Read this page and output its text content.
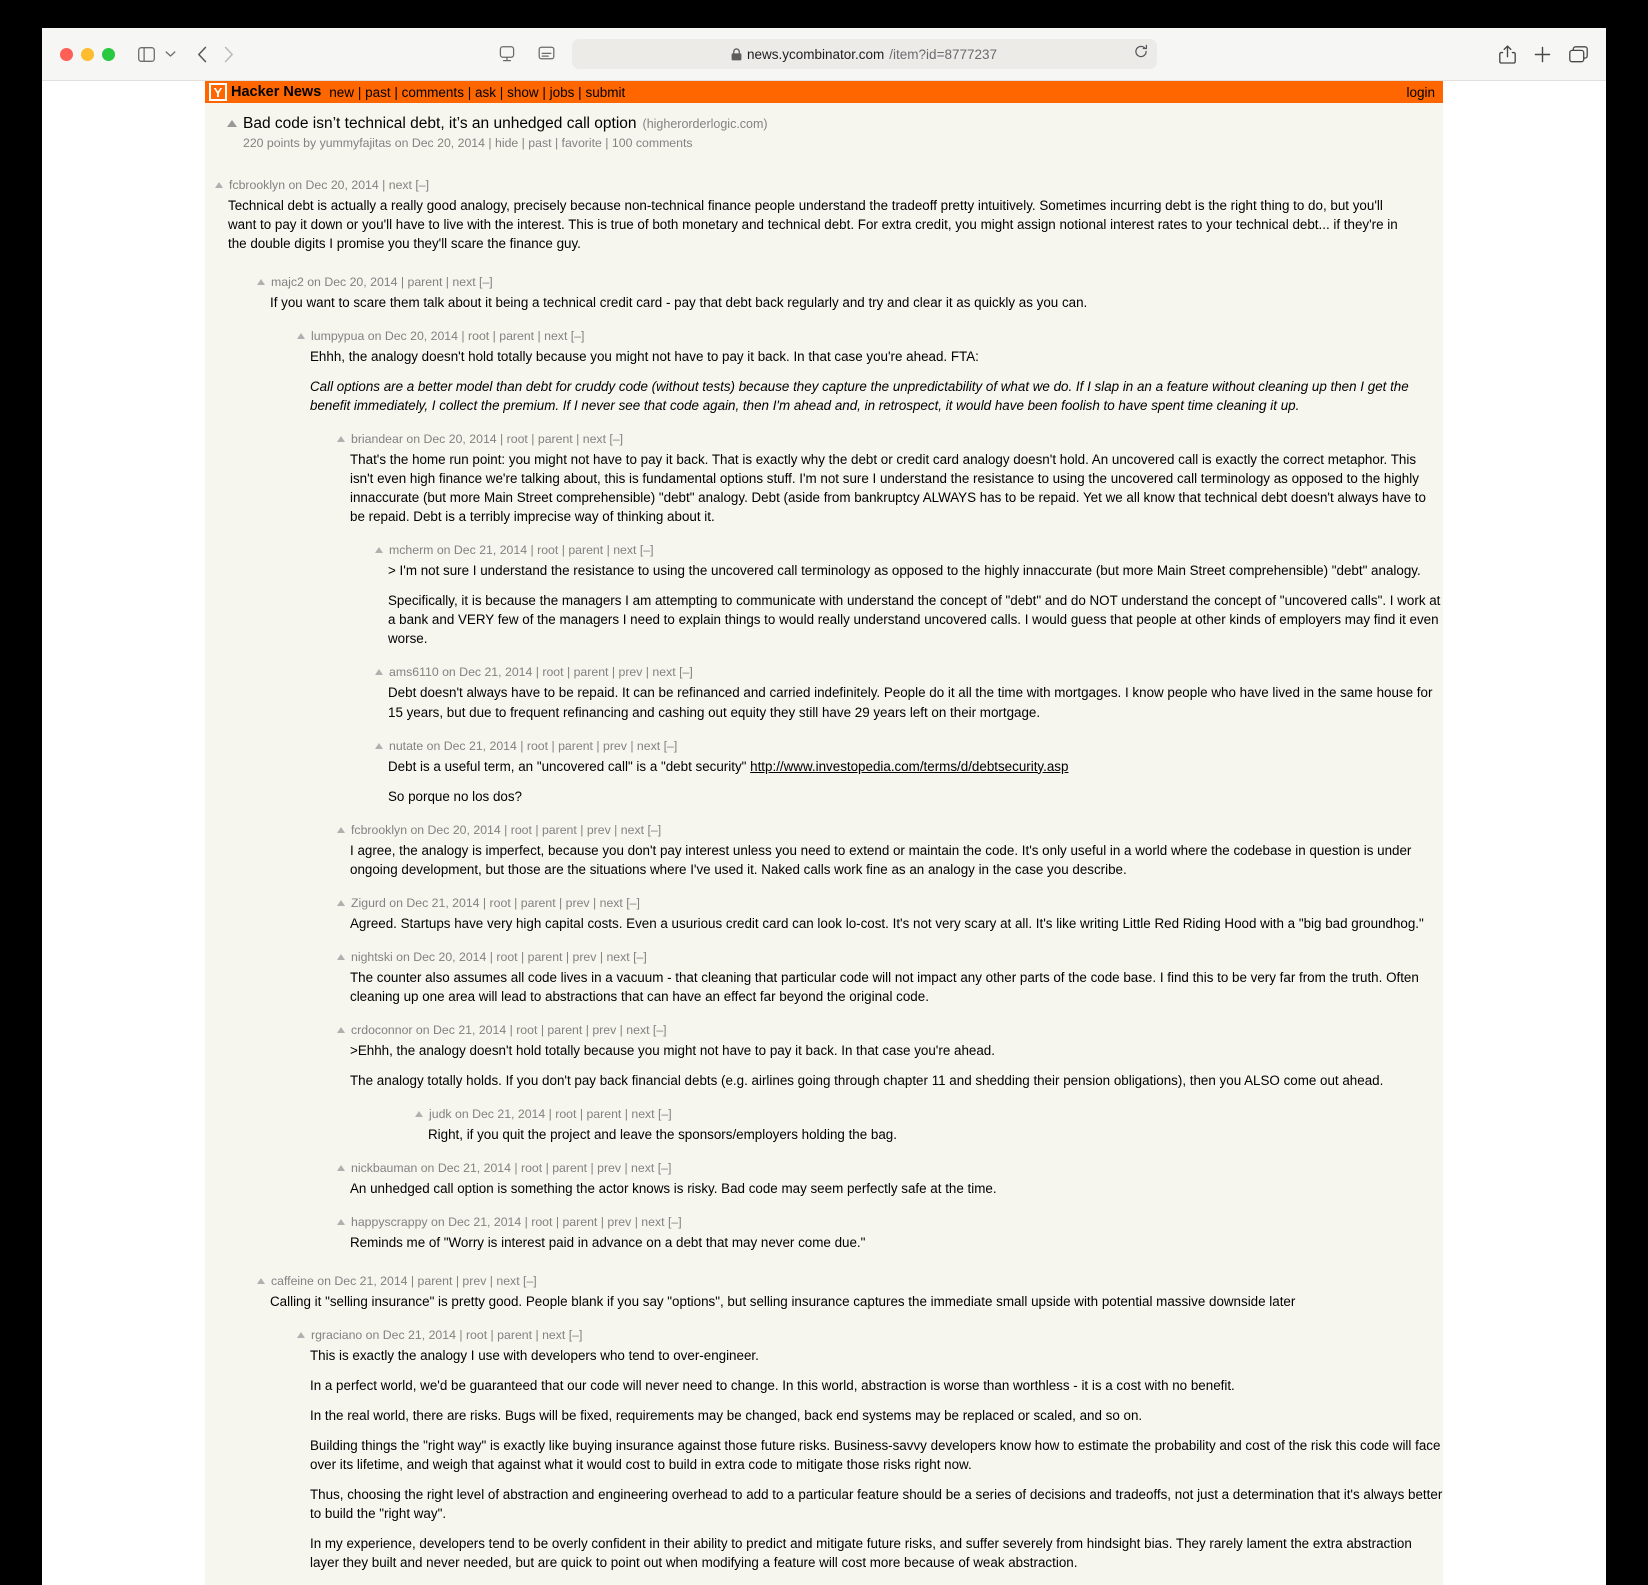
news.ycombinator.com /item?id=8777237
Y Hacker News new | past | comments | ask | show | jobs | submit	login
Bad code isn’t technical debt, it’s an unhedged call option (higherorderlogic.com)
220 points by yummyfajitas on Dec 20, 2014 | hide | past | favorite | 100 comments
fcbrooklyn on Dec 20, 2014 | next [–]

Technical debt is actually a really good analogy, precisely because non-technical finance people understand the tradeoff pretty intuitively. Sometimes incurring debt is the right thing to do, but you'll want to pay it down or you'll have to live with the interest. This is true of both monetary and technical debt. For extra credit, you might assign notional interest rates to your technical debt... if they're in the double digits I promise you they'll scare the finance guy.

majc2 on Dec 20, 2014 | parent | next [–]

If you want to scare them talk about it being a technical credit card - pay that debt back regularly and try and clear it as quickly as you can.

lumpypua on Dec 20, 2014 | root | parent | next [–]

Ehhh, the analogy doesn't hold totally because you might not have to pay it back. In that case you're ahead. FTA:

Call options are a better model than debt for cruddy code (without tests) because they capture the unpredictability of what we do. If I slap in an a feature without cleaning up then I get the benefit immediately, I collect the premium. If I never see that code again, then I'm ahead and, in retrospect, it would have been foolish to have spent time cleaning it up.

briandear on Dec 20, 2014 | root | parent | next [–]

That's the home run point: you might not have to pay it back. That is exactly why the debt or credit card analogy doesn't hold. An uncovered call is exactly the correct metaphor. This isn't even high finance we're talking about, this is fundamental options stuff. I'm not sure I understand the resistance to using the uncovered call terminology as opposed to the highly innaccurate (but more Main Street comprehensible) "debt" analogy. Debt (aside from bankruptcy ALWAYS has to be repaid. Yet we all know that technical debt doesn't always have to be repaid. Debt is a terribly imprecise way of thinking about it.

mcherm on Dec 21, 2014 | root | parent | next [–]

> I'm not sure I understand the resistance to using the uncovered call terminology as opposed to the highly innaccurate (but more Main Street comprehensible) "debt" analogy.

Specifically, it is because the managers I am attempting to communicate with understand the concept of "debt" and do NOT understand the concept of "uncovered calls". I work at a bank and VERY few of the managers I need to explain things to would really understand uncovered calls. I would guess that people at other kinds of employers may find it even worse.

ams6110 on Dec 21, 2014 | root | parent | prev | next [–]

Debt doesn't always have to be repaid. It can be refinanced and carried indefinitely. People do it all the time with mortgages. I know people who have lived in the same house for 15 years, but due to frequent refinancing and cashing out equity they still have 29 years left on their mortgage.

nutate on Dec 21, 2014 | root | parent | prev | next [–]

Debt is a useful term, an "uncovered call" is a "debt security" http://www.investopedia.com/terms/d/debtsecurity.asp

So porque no los dos?

fcbrooklyn on Dec 20, 2014 | root | parent | prev | next [–]

I agree, the analogy is imperfect, because you don't pay interest unless you need to extend or maintain the code. It's only useful in a world where the codebase in question is under ongoing development, but those are the situations where I've used it. Naked calls work fine as an analogy in the case you describe.

Zigurd on Dec 21, 2014 | root | parent | prev | next [–]

Agreed. Startups have very high capital costs. Even a usurious credit card can look lo-cost. It's not very scary at all. It's like writing Little Red Riding Hood with a "big bad groundhog."

nightski on Dec 20, 2014 | root | parent | prev | next [–]

The counter also assumes all code lives in a vacuum - that cleaning that particular code will not impact any other parts of the code base. I find this to be very far from the truth. Often cleaning up one area will lead to abstractions that can have an effect far beyond the original code.

crdoconnor on Dec 21, 2014 | root | parent | prev | next [–]

>Ehhh, the analogy doesn't hold totally because you might not have to pay it back. In that case you're ahead.

The analogy totally holds. If you don't pay back financial debts (e.g. airlines going through chapter 11 and shedding their pension obligations), then you ALSO come out ahead.

judk on Dec 21, 2014 | root | parent | next [–]

Right, if you quit the project and leave the sponsors/employers holding the bag.

nickbauman on Dec 21, 2014 | root | parent | prev | next [–]

An unhedged call option is something the actor knows is risky. Bad code may seem perfectly safe at the time.

happyscrappy on Dec 21, 2014 | root | parent | prev | next [–]

Reminds me of "Worry is interest paid in advance on a debt that may never come due."

caffeine on Dec 21, 2014 | parent | prev | next [–]

Calling it "selling insurance" is pretty good. People blank if you say "options", but selling insurance captures the immediate small upside with potential massive downside later

rgraciano on Dec 21, 2014 | root | parent | next [–]

This is exactly the analogy I use with developers who tend to over-engineer.

In a perfect world, we'd be guaranteed that our code will never need to change. In this world, abstraction is worse than worthless - it is a cost with no benefit.

In the real world, there are risks. Bugs will be fixed, requirements may be changed, back end systems may be replaced or scaled, and so on.

Building things the "right way" is exactly like buying insurance against those future risks. Business-savvy developers know how to estimate the probability and cost of the risk this code will face over its lifetime, and weigh that against what it would cost to build in extra code to mitigate those risks right now.

Thus, choosing the right level of abstraction and engineering overhead to add to a particular feature should be a series of decisions and tradeoffs, not just a determination that it's always better to build the "right way".

In my experience, developers tend to be overly confident in their ability to predict and mitigate future risks, and suffer severely from hindsight bias. They rarely lament the extra abstraction layer they built and never needed, but are quick to point out when modifying a feature will cost more because of weak abstraction.
